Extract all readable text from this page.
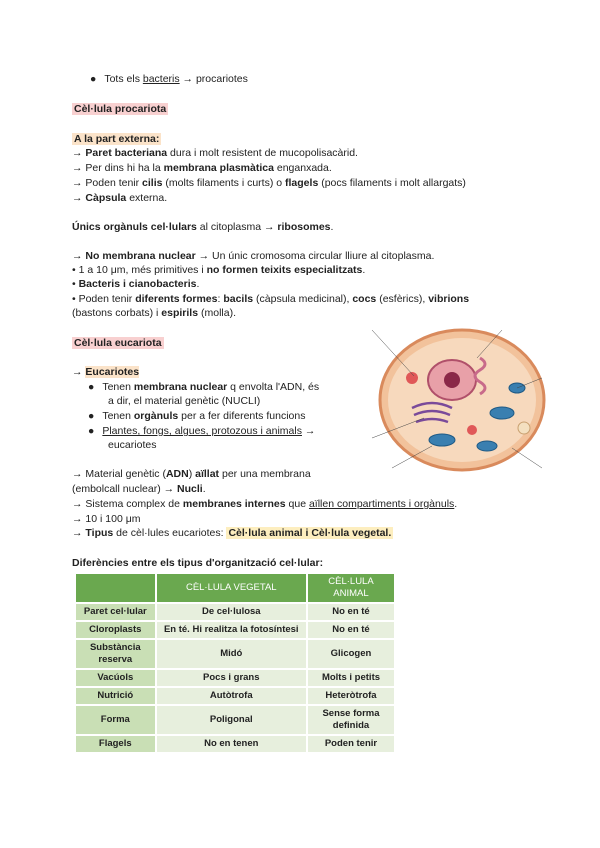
● Tots els bacteris → procariotes
Cèl·lula procariota
A la part externa:
→ Paret bacteriana dura i molt resistent de mucopolisacàrid.
→ Per dins hi ha la membrana plasmàtica enganxada.
→ Poden tenir cilis (molts filaments i curts) o flagels (pocs filaments i molt allargats)
→ Càpsula externa.
Únics orgànuls cel·lulars al citoplasma → ribosomes.
→ No membrana nuclear → Un únic cromosoma circular lliure al citoplasma.
• 1 a 10 μm, més primitives i no formen teixits especialitzats.
• Bacteris i cianobacteris.
• Poden tenir diferents formes: bacils (càpsula medicinal), cocs (esfèrics), vibrions
(bastons corbats) i espirils (molla).
Cèl·lula eucariota
→ Eucariotes
● Tenen membrana nuclear q envolta l'ADN, és
a dir, el material genètic (NUCLI)
● Tenen orgànuls per a fer diferents funcions
● Plantes, fongs, algues, protozous i animals →
eucariotes
→ Material genètic (ADN) aïllat per una membrana
(embolcall nuclear) → Nucli.
→ Sistema complex de membranes internes que aïllen compartiments i orgànuls.
→ 10 i 100 μm
→ Tipus de cèl·lules eucariotes: Cèl·lula animal i Cèl·lula vegetal.
Diferències entre els tipus d'organització cel·lular:
	CÈL·LULA VEGETAL	CÈL·LULA ANIMAL
Paret cel·lular	De cel·lulosa	No en té
Cloroplasts	En té. Hi realitza la fotosíntesi	No en té
Substància reserva	Midó	Glicogen
Vacúols	Pocs i grans	Molts i petits
Nutrició	Autòtrofa	Heteròtrofa
Forma	Poligonal	Sense forma definida
Flagels	No en tenen	Poden tenir
